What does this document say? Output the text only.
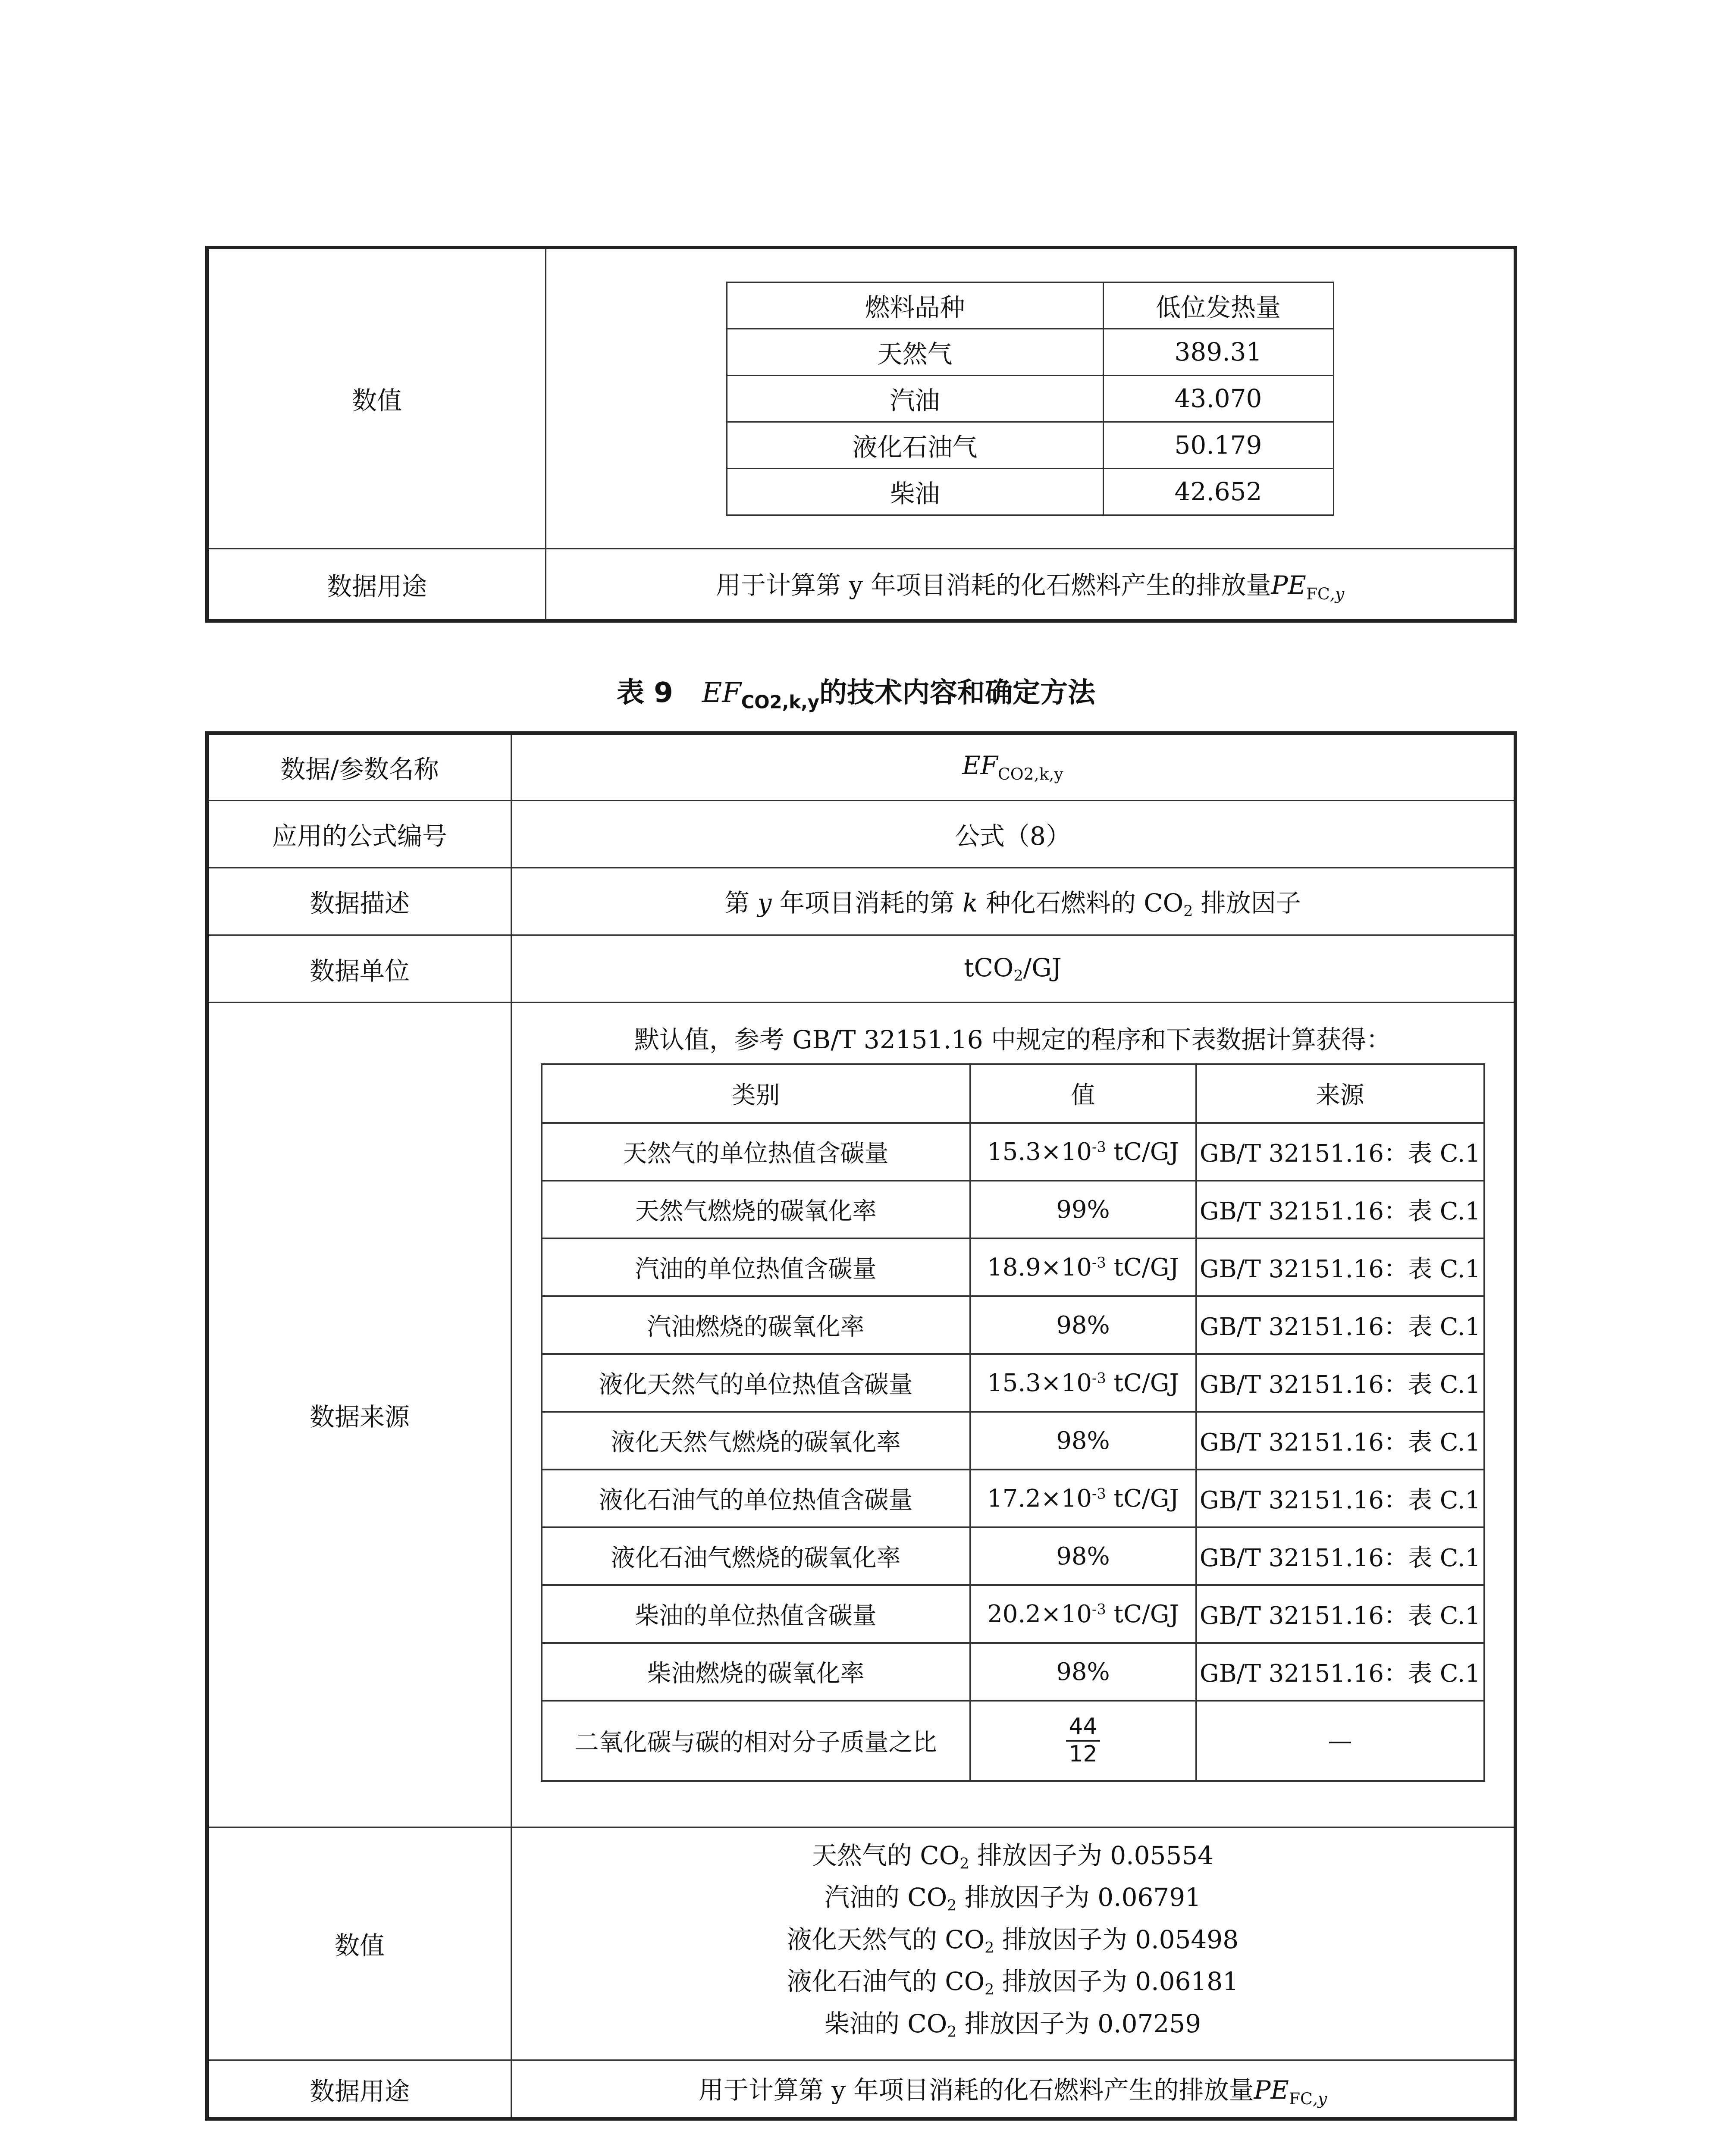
数值	
燃料品种	低位发热量
天然气	389.31
汽油	43.070
液化石油气	50.179
柴油	42.652

数据用途	用于计算第 y 年项目消耗的化石燃料产生的排放量$PE_{FC,y}$
表 9 $EF_{CO2,k,y}$的技术内容和确定方法
数据/参数名称	$EF_{CO2,k,y}$
应用的公式编号	公式（8）
数据描述	第 y 年项目消耗的第 k 种化石燃料的 CO2 排放因子
数据单位	tCO2/GJ
数据来源	
默认值，参考 GB/T 32151.16 中规定的程序和下表数据计算获得：
类别	值	来源
天然气的单位热值含碳量	$15.3\times 10^{-3}$ tC/GJ	GB/T 32151.16：表 C.1
天然气燃烧的碳氧化率	99%	GB/T 32151.16：表 C.1
汽油的单位热值含碳量	$18.9\times 10^{-3}$ tC/GJ	GB/T 32151.16：表 C.1
汽油燃烧的碳氧化率	98%	GB/T 32151.16：表 C.1
液化天然气的单位热值含碳量	$15.3\times 10^{-3}$ tC/GJ	GB/T 32151.16：表 C.1
液化天然气燃烧的碳氧化率	98%	GB/T 32151.16：表 C.1
液化石油气的单位热值含碳量	$17.2\times 10^{-3}$ tC/GJ	GB/T 32151.16：表 C.1
液化石油气燃烧的碳氧化率	98%	GB/T 32151.16：表 C.1
柴油的单位热值含碳量	$20.2\times 10^{-3}$ tC/GJ	GB/T 32151.16：表 C.1
柴油燃烧的碳氧化率	98%	GB/T 32151.16：表 C.1
二氧化碳与碳的相对分子质量之比	$\frac{44}{12}$	—

数值	
天然气的 CO2 排放因子为 0.05554
汽油的 CO2 排放因子为 0.06791
液化天然气的 CO2 排放因子为 0.05498
液化石油气的 CO2 排放因子为 0.06181
柴油的 CO2 排放因子为 0.07259

数据用途	用于计算第 y 年项目消耗的化石燃料产生的排放量$PE_{FC,y}$
